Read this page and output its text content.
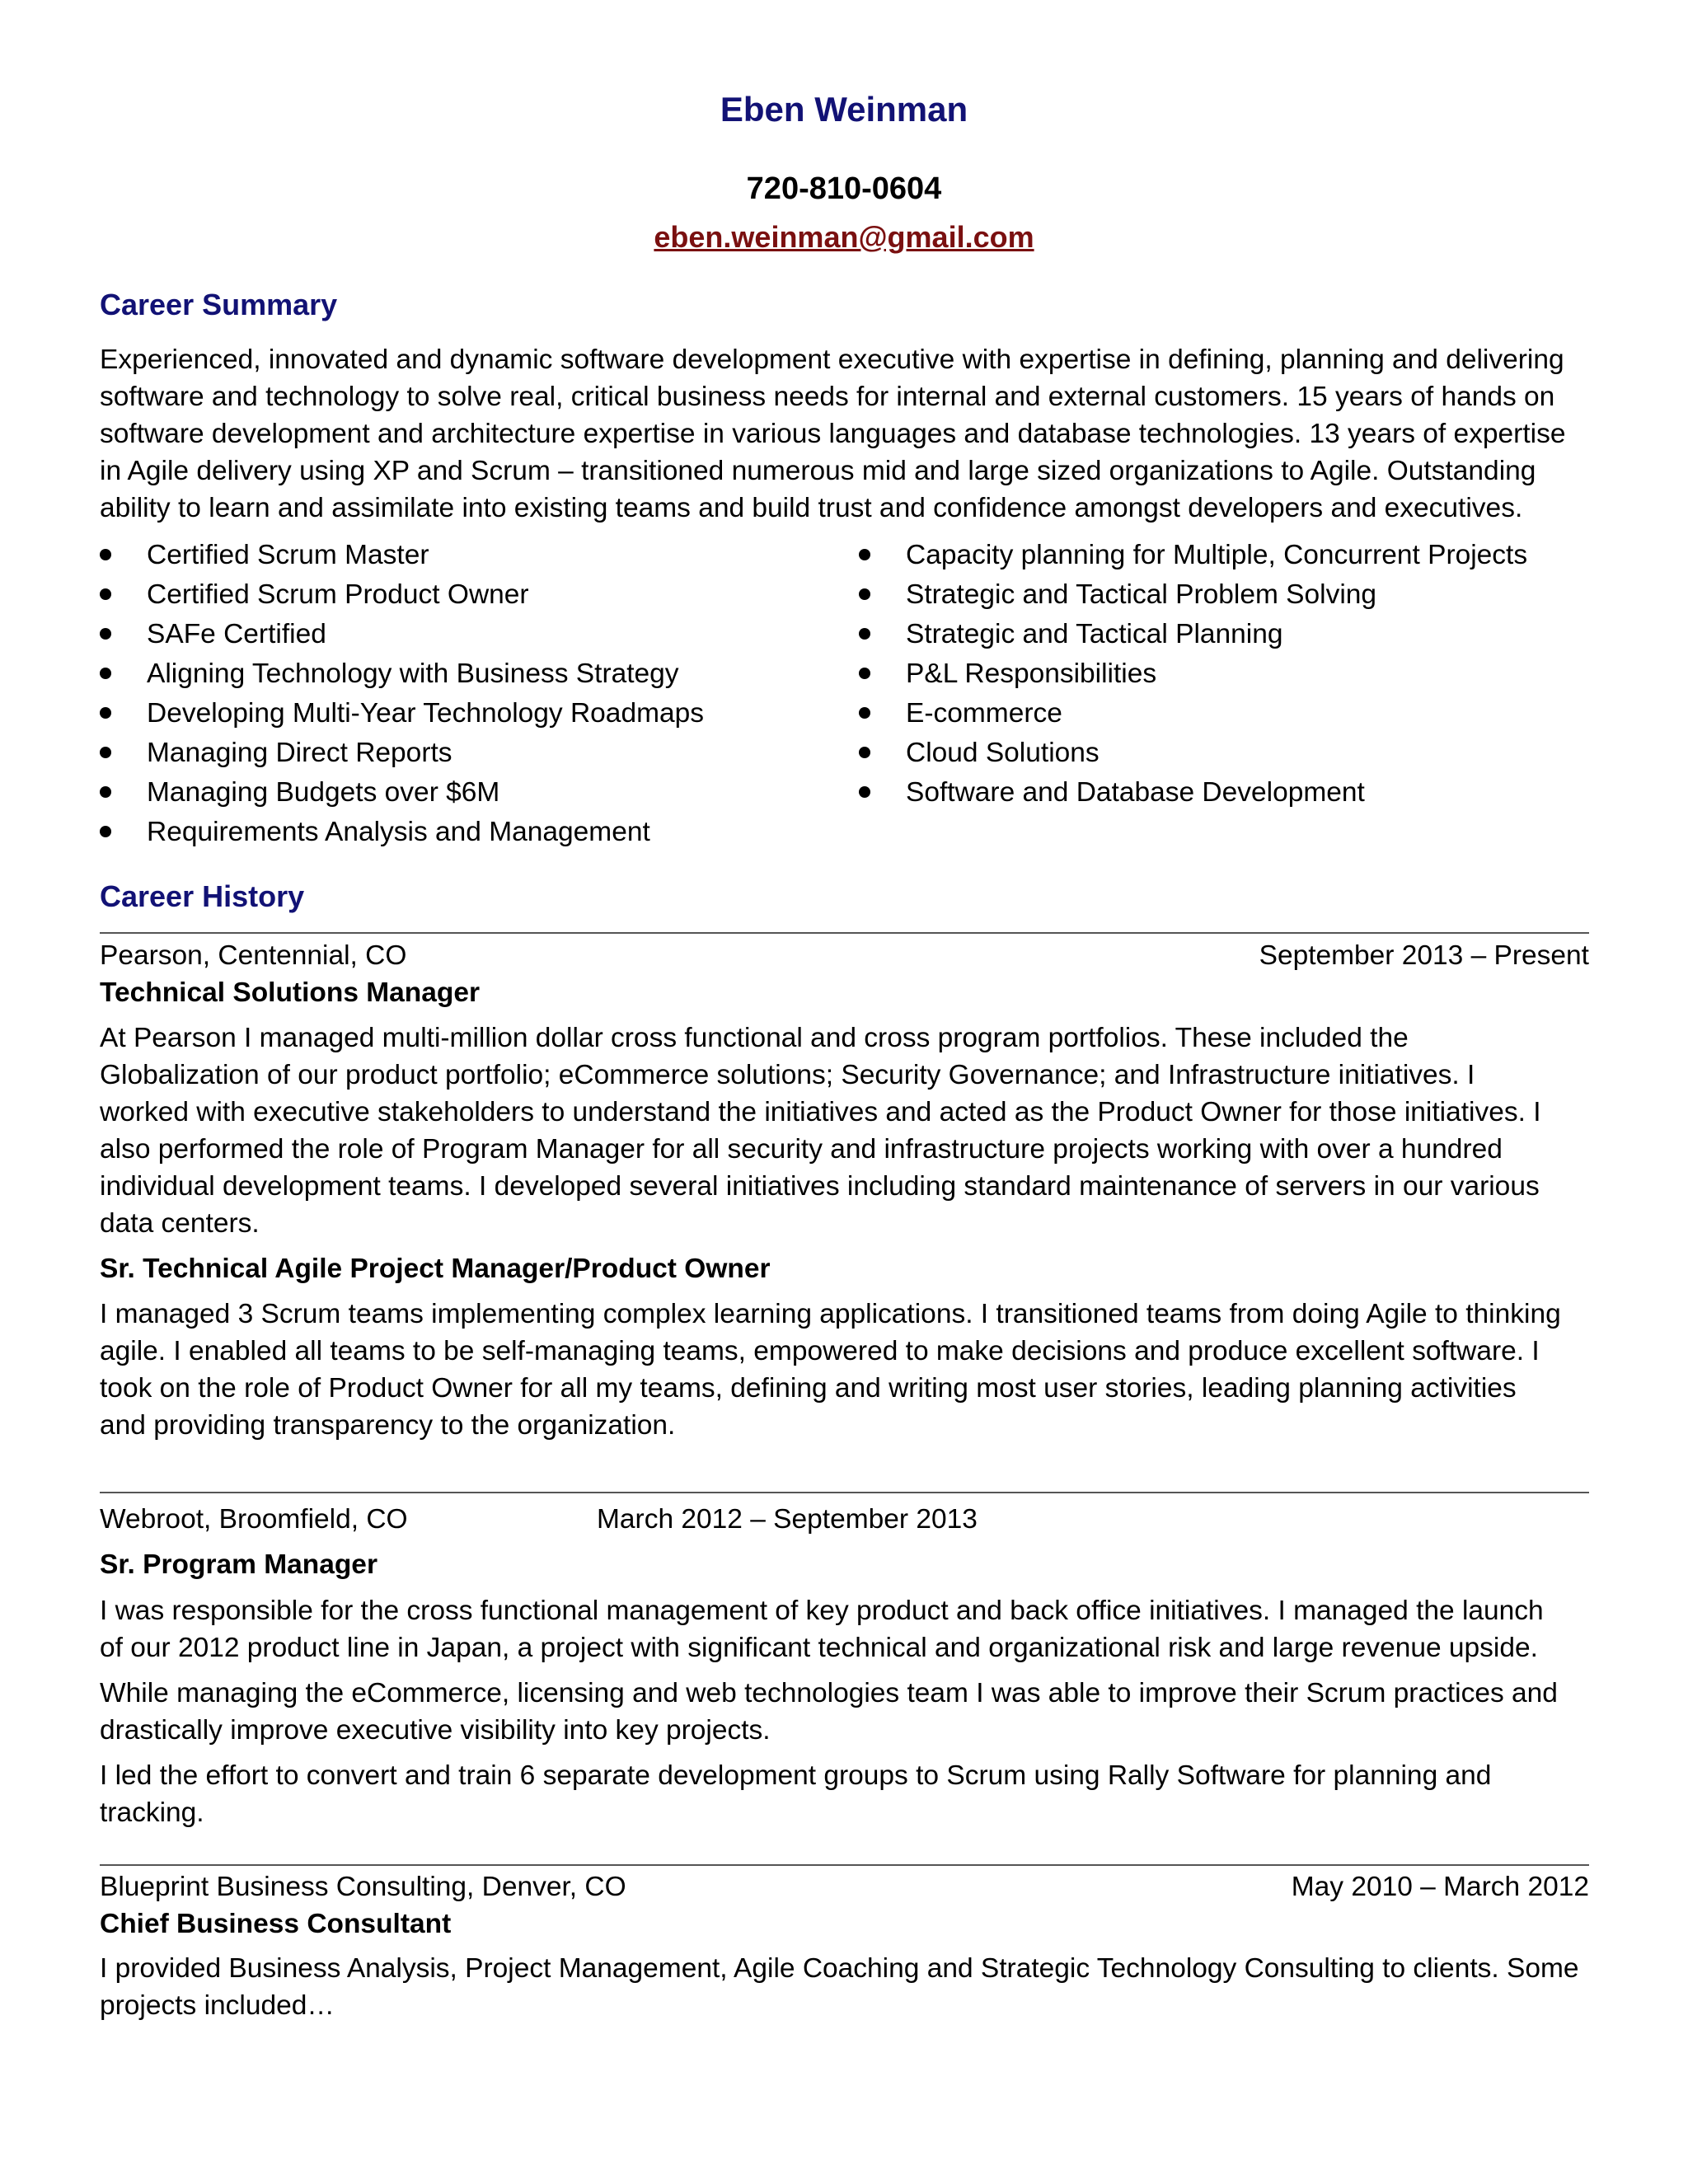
Eben Weinman
720-810-0604
eben.weinman@gmail.com
Career Summary
Experienced, innovated and dynamic software development executive with expertise in defining, planning and delivering
software and technology to solve real, critical business needs for internal and external customers. 15 years of hands on
software development and architecture expertise in various languages and database technologies. 13 years of expertise
in Agile delivery using XP and Scrum – transitioned numerous mid and large sized organizations to Agile. Outstanding
ability to learn and assimilate into existing teams and build trust and confidence amongst developers and executives.
Certified Scrum Master
Certified Scrum Product Owner
SAFe Certified
Aligning Technology with Business Strategy
Developing Multi-Year Technology Roadmaps
Managing Direct Reports
Managing Budgets over $6M
Requirements Analysis and Management
Capacity planning for Multiple, Concurrent Projects
Strategic and Tactical Problem Solving
Strategic and Tactical Planning
P&L Responsibilities
E-commerce
Cloud Solutions
Software and Database Development
Career History
Pearson, Centennial, CO	September 2013 – Present
Technical Solutions Manager
At Pearson I managed multi-million dollar cross functional and cross program portfolios. These included the
Globalization of our product portfolio; eCommerce solutions; Security Governance; and Infrastructure initiatives. I
worked with executive stakeholders to understand the initiatives and acted as the Product Owner for those initiatives. I
also performed the role of Program Manager for all security and infrastructure projects working with over a hundred
individual development teams. I developed several initiatives including standard maintenance of servers in our various
data centers.
Sr. Technical Agile Project Manager/Product Owner
I managed 3 Scrum teams implementing complex learning applications. I transitioned teams from doing Agile to thinking
agile. I enabled all teams to be self-managing teams, empowered to make decisions and produce excellent software. I
took on the role of Product Owner for all my teams, defining and writing most user stories, leading planning activities
and providing transparency to the organization.
Webroot, Broomfield, CO	March 2012 – September 2013
Sr. Program Manager
I was responsible for the cross functional management of key product and back office initiatives. I managed the launch
of our 2012 product line in Japan, a project with significant technical and organizational risk and large revenue upside.
While managing the eCommerce, licensing and web technologies team I was able to improve their Scrum practices and
drastically improve executive visibility into key projects.
I led the effort to convert and train 6 separate development groups to Scrum using Rally Software for planning and
tracking.
Blueprint Business Consulting, Denver, CO	May 2010 – March 2012
Chief Business Consultant
I provided Business Analysis, Project Management, Agile Coaching and Strategic Technology Consulting to clients. Some
projects included…
